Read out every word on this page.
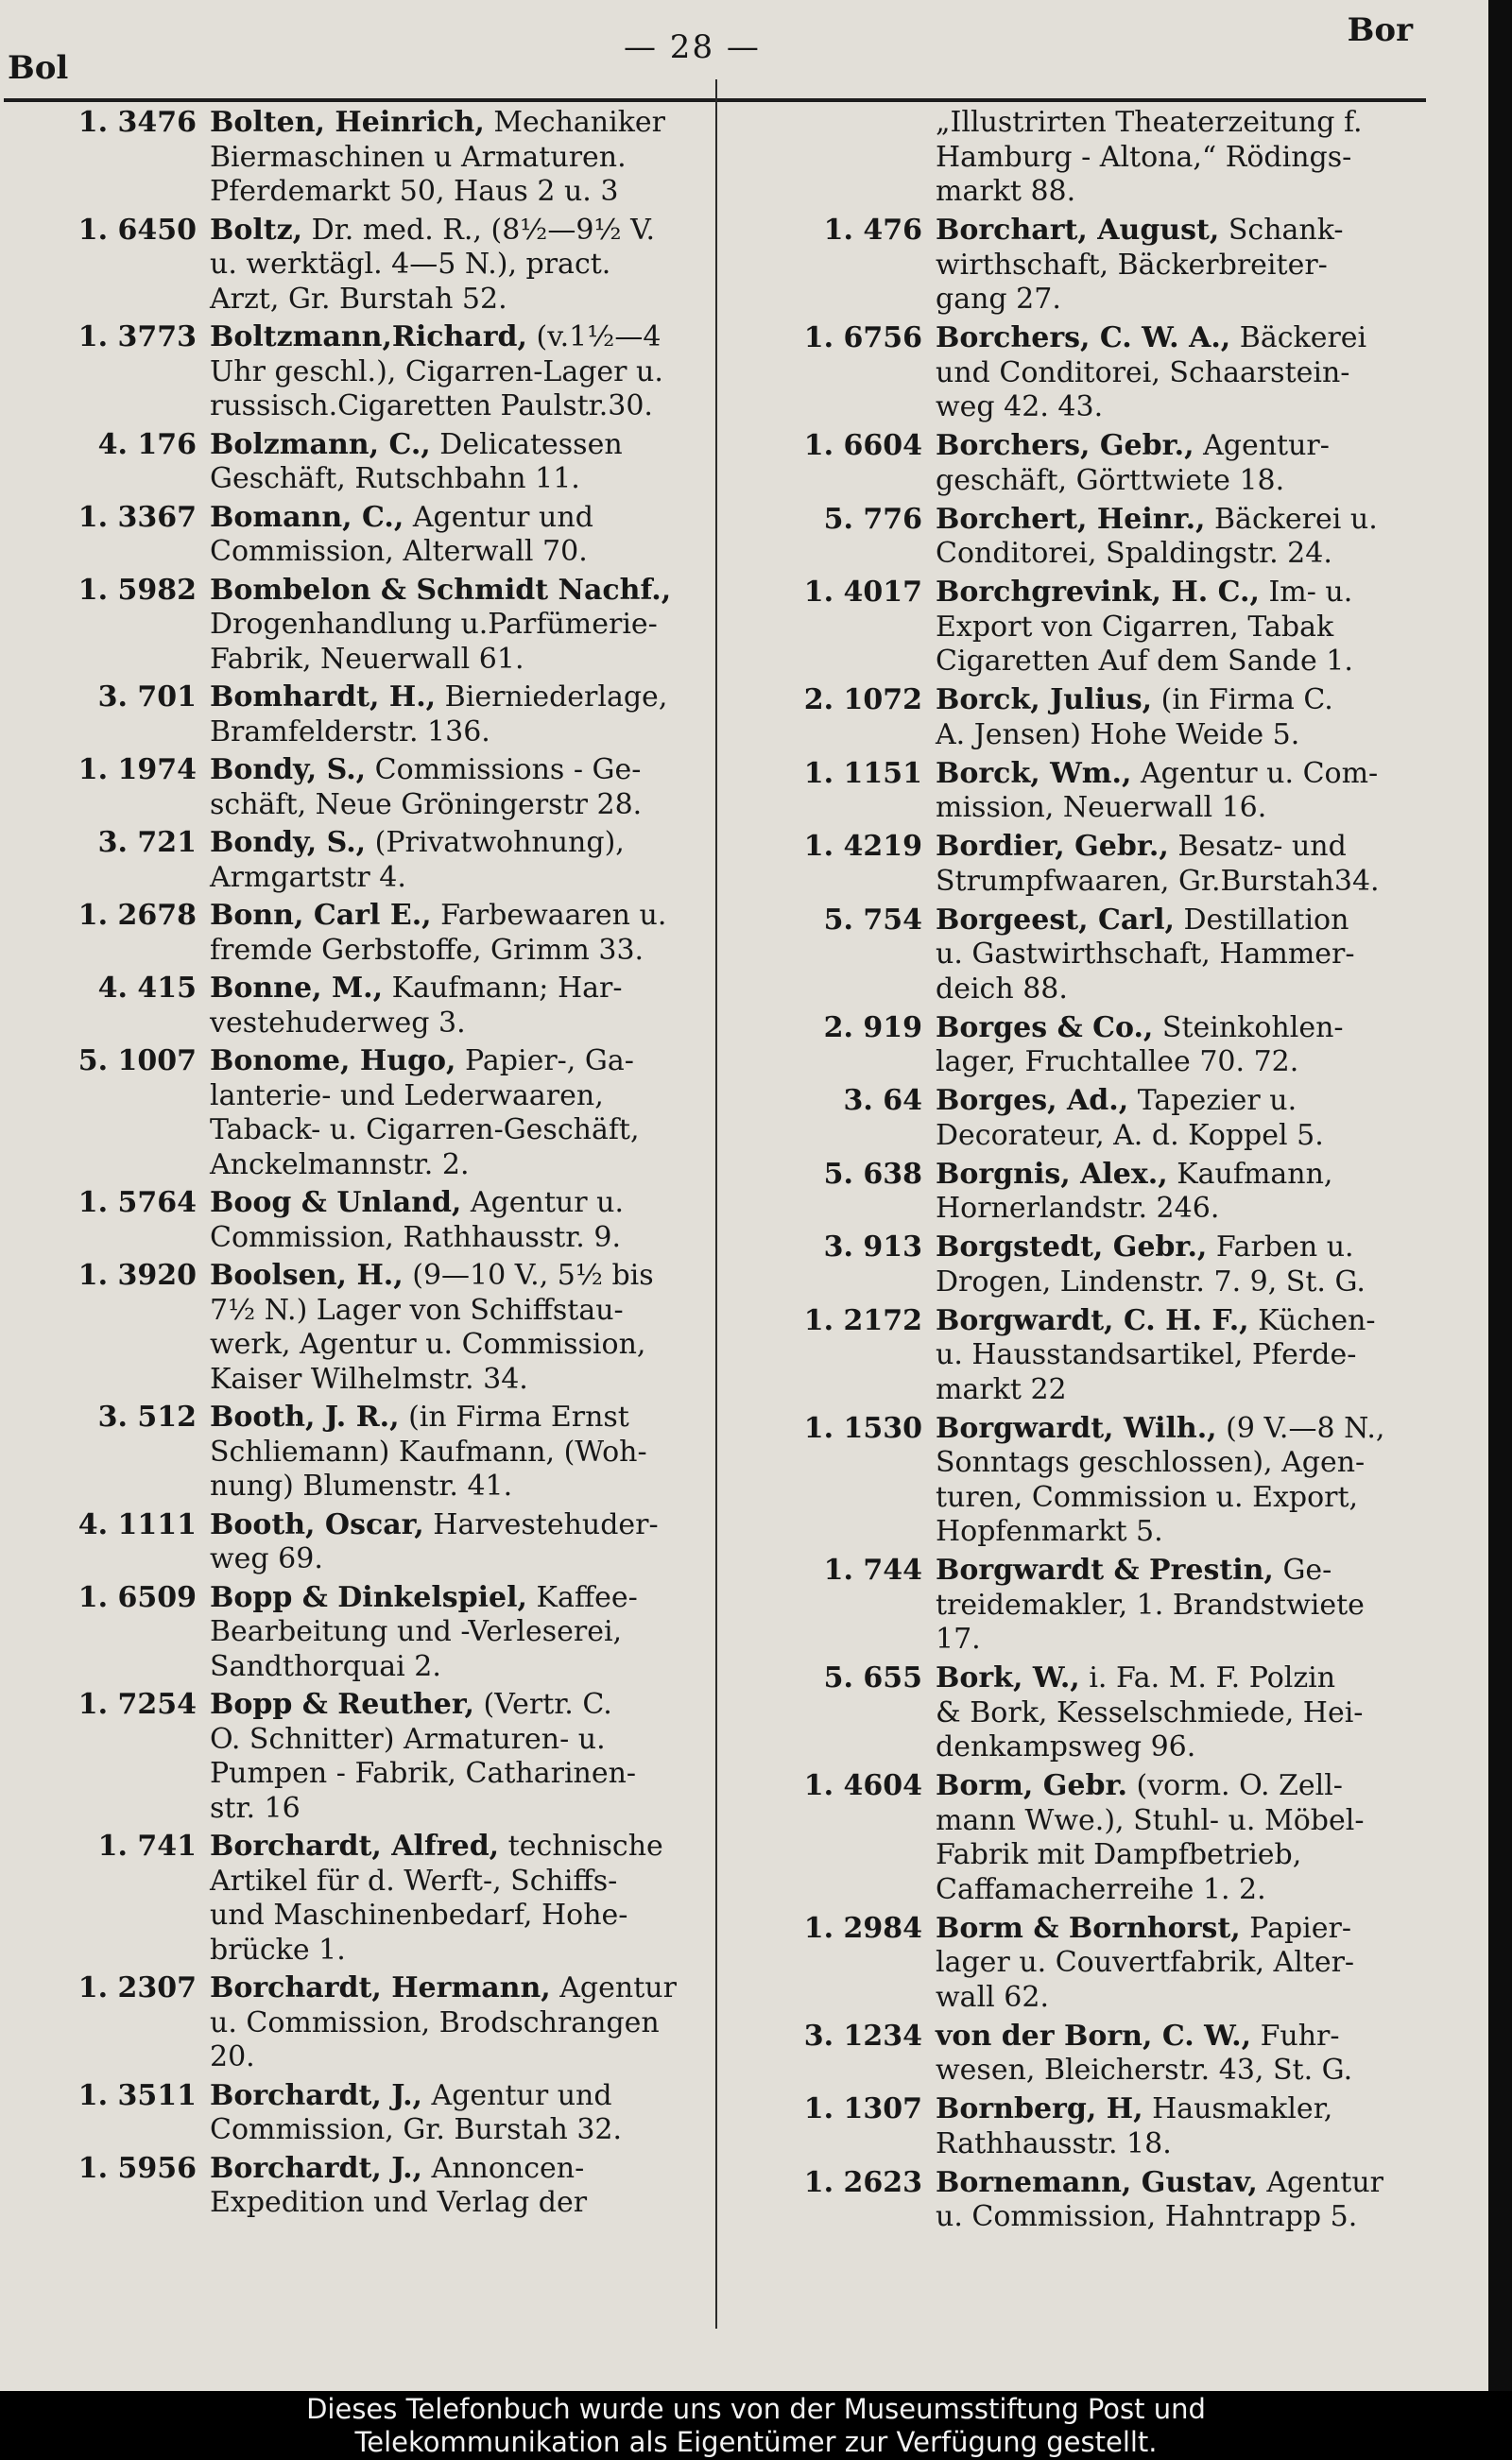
Bol
— 28 —	Bor
1. 3476 Bolten, Heinrich, Mechaniker
Biermaschinen u Armaturen.
Pferdemarkt 50, Haus 2 u. 3
1. 6450 Boltz, Dr. med. R., (8½—9½ V.
u. werktägl. 4—5 N.), pract.
Arzt, Gr. Burstah 52.
1. 3773 Boltzmann,Richard, (v.1½—4
Uhr geschl.), Cigarren-Lager u.
russisch.Cigaretten Paulstr.30.
4. 176 Bolzmann, C., Delicatessen
Geschäft, Rutschbahn 11.
1. 3367 Bomann, C., Agentur und
Commission, Alterwall 70.
1. 5982 Bombelon & Schmidt Nachf.,
Drogenhandlung u.Parfümerie-
Fabrik, Neuerwall 61.
3. 701 Bomhardt, H., Bierniederlage,
Bramfelderstr. 136.
1. 1974 Bondy, S., Commissions - Ge-
schäft, Neue Gröningerstr 28.
3. 721 Bondy, S., (Privatwohnung),
Armgartstr 4.
1. 2678 Bonn, Carl E., Farbewaaren u.
fremde Gerbstoffe, Grimm 33.
4. 415 Bonne, M., Kaufmann; Har-
vestehuderweg 3.
5. 1007 Bonome, Hugo, Papier-, Ga-
lanterie- und Lederwaaren,
Taback- u. Cigarren-Geschäft,
Anckelmannstr. 2.
1. 5764 Boog & Unland, Agentur u.
Commission, Rathhausstr. 9.
1. 3920 Boolsen, H., (9—10 V., 5½ bis
7½ N.) Lager von Schiffstau-
werk, Agentur u. Commission,
Kaiser Wilhelmstr. 34.
3. 512 Booth, J. R., (in Firma Ernst
Schliemann) Kaufmann, (Woh-
nung) Blumenstr. 41.
4. 1111 Booth, Oscar, Harvestehuder-
weg 69.
1. 6509 Bopp & Dinkelspiel, Kaffee-
Bearbeitung und -Verleserei,
Sandthorquai 2.
1. 7254 Bopp & Reuther, (Vertr. C.
O. Schnitter) Armaturen- u.
Pumpen - Fabrik, Catharinen-
str. 16
1. 741 Borchardt, Alfred, technische
Artikel für d. Werft-, Schiffs-
und Maschinenbedarf, Hohe-
brücke 1.
1. 2307 Borchardt, Hermann, Agentur
u. Commission, Brodschrangen
20.
1. 3511 Borchardt, J., Agentur und
Commission, Gr. Burstah 32.
1. 5956 Borchardt, J., Annoncen-
Expedition und Verlag der
„Illustrirten Theaterzeitung f.
Hamburg - Altona,“ Rödings-
markt 88.
1. 476 Borchart, August, Schank-
wirthschaft, Bäckerbreiter-
gang 27.
1. 6756 Borchers, C. W. A., Bäckerei
und Conditorei, Schaarstein-
weg 42. 43.
1. 6604 Borchers, Gebr., Agentur-
geschäft, Görttwiete 18.
5. 776 Borchert, Heinr., Bäckerei u.
Conditorei, Spaldingstr. 24.
1. 4017 Borchgrevink, H. C., Im- u.
Export von Cigarren, Tabak
Cigaretten Auf dem Sande 1.
2. 1072 Borck, Julius, (in Firma C.
A. Jensen) Hohe Weide 5.
1. 1151 Borck, Wm., Agentur u. Com-
mission, Neuerwall 16.
1. 4219 Bordier, Gebr., Besatz- und
Strumpfwaaren, Gr.Burstah34.
5. 754 Borgeest, Carl, Destillation
u. Gastwirthschaft, Hammer-
deich 88.
2. 919 Borges & Co., Steinkohlen-
lager, Fruchtallee 70. 72.
3. 64 Borges, Ad., Tapezier u.
Decorateur, A. d. Koppel 5.
5. 638 Borgnis, Alex., Kaufmann,
Hornerlandstr. 246.
3. 913 Borgstedt, Gebr., Farben u.
Drogen, Lindenstr. 7. 9, St. G.
1. 2172 Borgwardt, C. H. F., Küchen-
u. Hausstandsartikel, Pferde-
markt 22
1. 1530 Borgwardt, Wilh., (9 V.—8 N.,
Sonntags geschlossen), Agen-
turen, Commission u. Export,
Hopfenmarkt 5.
1. 744 Borgwardt & Prestin, Ge-
treidemakler, 1. Brandstwiete
17.
5. 655 Bork, W., i. Fa. M. F. Polzin
& Bork, Kesselschmiede, Hei-
denkampsweg 96.
1. 4604 Borm, Gebr. (vorm. O. Zell-
mann Wwe.), Stuhl- u. Möbel-
Fabrik mit Dampfbetrieb,
Caffamacherreihe 1. 2.
1. 2984 Borm & Bornhorst, Papier-
lager u. Couvertfabrik, Alter-
wall 62.
3. 1234 von der Born, C. W., Fuhr-
wesen, Bleicherstr. 43, St. G.
1. 1307 Bornberg, H, Hausmakler,
Rathhausstr. 18.
1. 2623 Bornemann, Gustav, Agentur
u. Commission, Hahntrapp 5.
Dieses Telefonbuch wurde uns von der Museumsstiftung Post und
Telekommunikation als Eigentümer zur Verfügung gestellt.
